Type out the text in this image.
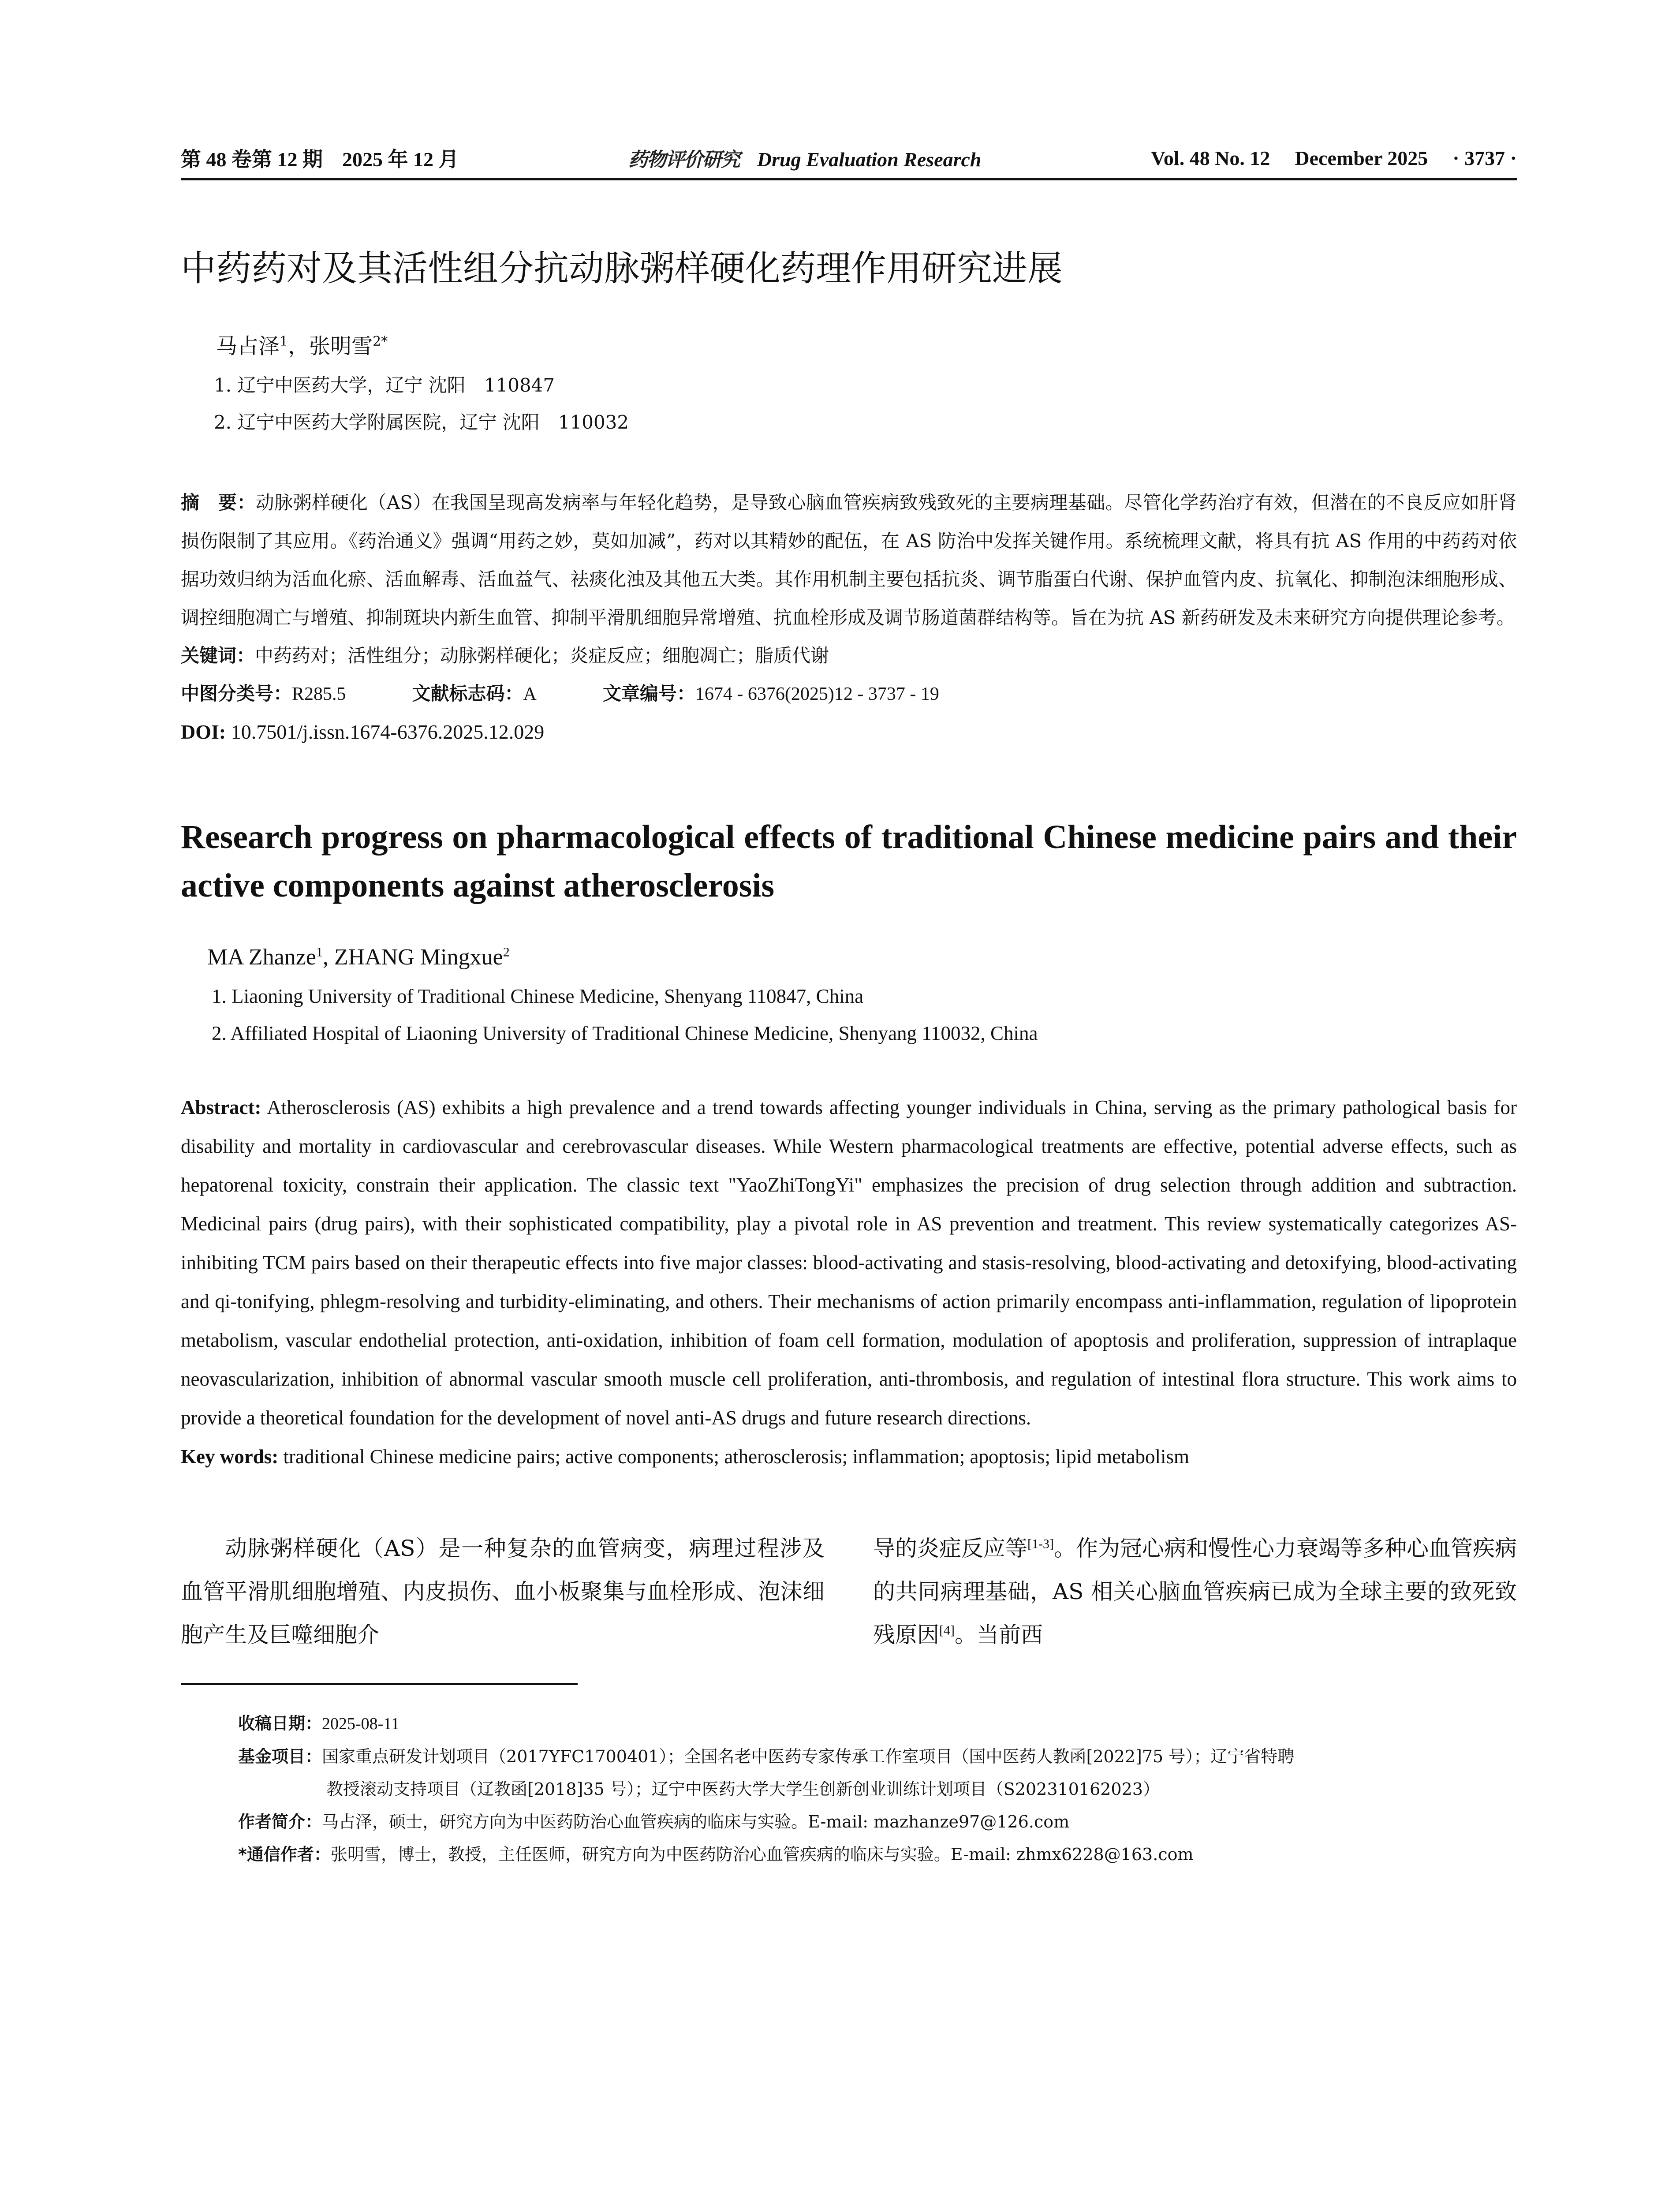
第 48 卷第 12 期 2025 年 12 月	药物评价研究 Drug Evaluation Research	Vol. 48 No. 12 December 2025 · 3737 ·
中药药对及其活性组分抗动脉粥样硬化药理作用研究进展
马占泽$^1$，张明雪$^{2*}$
1. 辽宁中医药大学，辽宁 沈阳　110847
2. 辽宁中医药大学附属医院，辽宁 沈阳　110032
摘　要：动脉粥样硬化（AS）在我国呈现高发病率与年轻化趋势，是导致心脑血管疾病致残致死的主要病理基础。尽管化学药治疗有效，但潜在的不良反应如肝肾损伤限制了其应用。《药治通义》强调“用药之妙，莫如加减”，药对以其精妙的配伍，在 AS 防治中发挥关键作用。系统梳理文献，将具有抗 AS 作用的中药药对依据功效归纳为活血化瘀、活血解毒、活血益气、祛痰化浊及其他五大类。其作用机制主要包括抗炎、调节脂蛋白代谢、保护血管内皮、抗氧化、抑制泡沫细胞形成、调控细胞凋亡与增殖、抑制斑块内新生血管、抑制平滑肌细胞异常增殖、抗血栓形成及调节肠道菌群结构等。旨在为抗 AS 新药研发及未来研究方向提供理论参考。
关键词：中药药对；活性组分；动脉粥样硬化；炎症反应；细胞凋亡；脂质代谢
中图分类号：R285.5	文献标志码：A	文章编号：1674 - 6376(2025)12 - 3737 - 19
DOI: 10.7501/j.issn.1674-6376.2025.12.029
Research progress on pharmacological effects of traditional Chinese medicine pairs and their active components against atherosclerosis
MA Zhanze$^1$, ZHANG Mingxue$^2$
1. Liaoning University of Traditional Chinese Medicine, Shenyang 110847, China
2. Affiliated Hospital of Liaoning University of Traditional Chinese Medicine, Shenyang 110032, China
Abstract: Atherosclerosis (AS) exhibits a high prevalence and a trend towards affecting younger individuals in China, serving as the primary pathological basis for disability and mortality in cardiovascular and cerebrovascular diseases. While Western pharmacological treatments are effective, potential adverse effects, such as hepatorenal toxicity, constrain their application. The classic text "YaoZhiTongYi" emphasizes the precision of drug selection through addition and subtraction. Medicinal pairs (drug pairs), with their sophisticated compatibility, play a pivotal role in AS prevention and treatment. This review systematically categorizes AS-inhibiting TCM pairs based on their therapeutic effects into five major classes: blood-activating and stasis-resolving, blood-activating and detoxifying, blood-activating and qi-tonifying, phlegm-resolving and turbidity-eliminating, and others. Their mechanisms of action primarily encompass anti-inflammation, regulation of lipoprotein metabolism, vascular endothelial protection, anti-oxidation, inhibition of foam cell formation, modulation of apoptosis and proliferation, suppression of intraplaque neovascularization, inhibition of abnormal vascular smooth muscle cell proliferation, anti-thrombosis, and regulation of intestinal flora structure. This work aims to provide a theoretical foundation for the development of novel anti-AS drugs and future research directions.
Key words: traditional Chinese medicine pairs; active components; atherosclerosis; inflammation; apoptosis; lipid metabolism
动脉粥样硬化（AS）是一种复杂的血管病变，病理过程涉及血管平滑肌细胞增殖、内皮损伤、血小板聚集与血栓形成、泡沫细胞产生及巨噬细胞介
导的炎症反应等[1-3]。作为冠心病和慢性心力衰竭等多种心血管疾病的共同病理基础，AS 相关心脑血管疾病已成为全球主要的致死致残原因[4]。当前西
收稿日期：2025-08-11
基金项目：国家重点研发计划项目（2017YFC1700401）；全国名老中医药专家传承工作室项目（国中医药人教函[2022]75 号）；辽宁省特聘
教授滚动支持项目（辽教函[2018]35 号）；辽宁中医药大学大学生创新创业训练计划项目（S202310162023）
作者简介：马占泽，硕士，研究方向为中医药防治心血管疾病的临床与实验。E-mail: mazhanze97@126.com
*通信作者：张明雪，博士，教授，主任医师，研究方向为中医药防治心血管疾病的临床与实验。E-mail: zhmx6228@163.com
